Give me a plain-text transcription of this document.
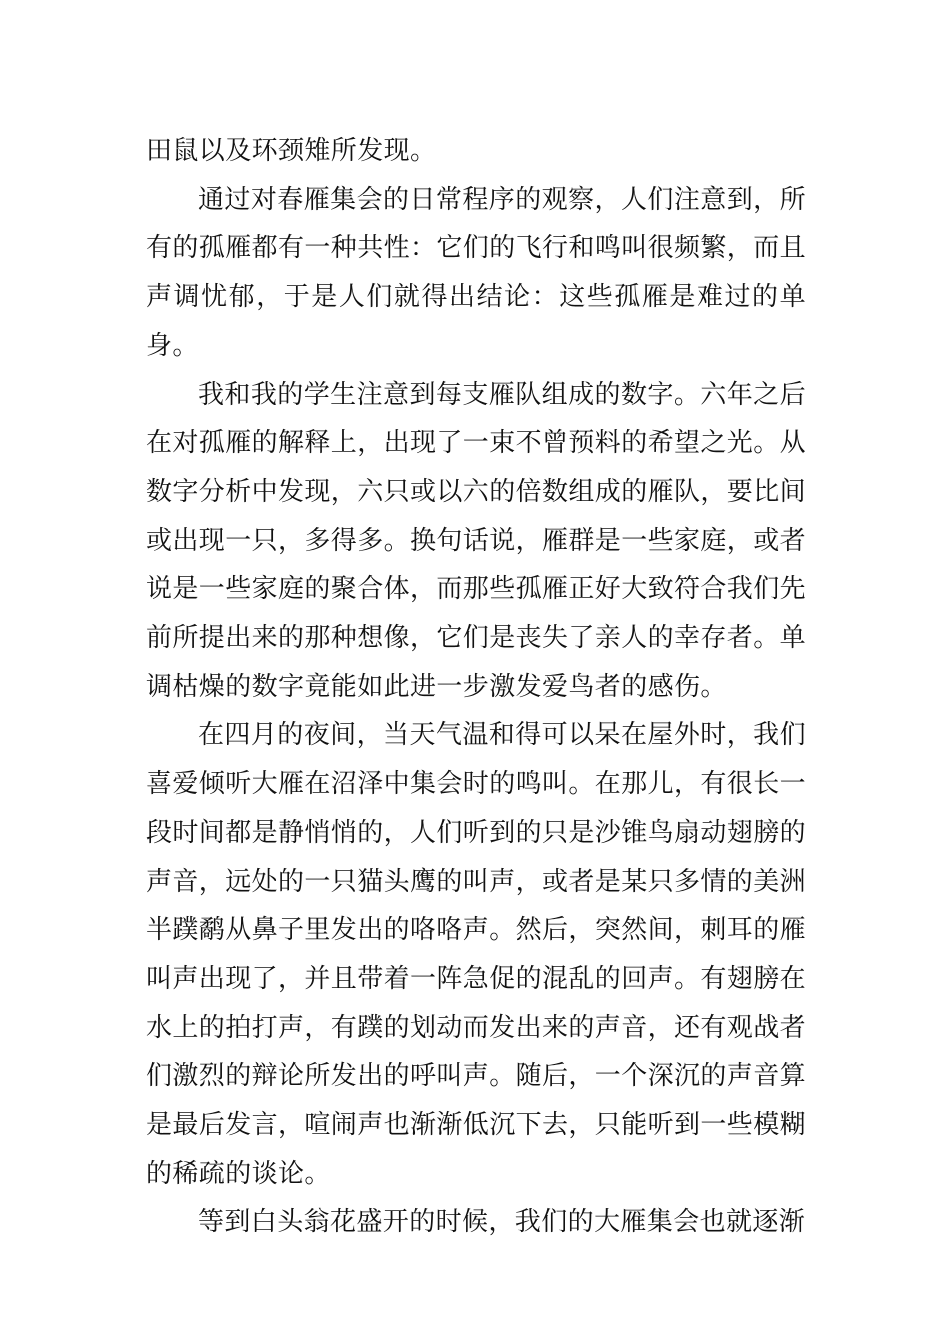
田鼠以及环颈雉所发现。

通过对春雁集会的日常程序的观察，人们注意到，所有的孤雁都有一种共性：它们的飞行和鸣叫很频繁，而且声调忧郁，于是人们就得出结论：这些孤雁是难过的单身。

我和我的学生注意到每支雁队组成的数字。六年之后在对孤雁的解释上，出现了一束不曾预料的希望之光。从数字分析中发现，六只或以六的倍数组成的雁队，要比间或出现一只，多得多。换句话说，雁群是一些家庭，或者说是一些家庭的聚合体，而那些孤雁正好大致符合我们先前所提出来的那种想像，它们是丧失了亲人的幸存者。单调枯燥的数字竟能如此进一步激发爱鸟者的感伤。

在四月的夜间，当天气温和得可以呆在屋外时，我们喜爱倾听大雁在沼泽中集会时的鸣叫。在那儿，有很长一段时间都是静悄悄的，人们听到的只是沙锥鸟扇动翅膀的声音，远处的一只猫头鹰的叫声，或者是某只多情的美洲半蹼鹬从鼻子里发出的咯咯声。然后，突然间，刺耳的雁叫声出现了，并且带着一阵急促的混乱的回声。有翅膀在水上的拍打声，有蹼的划动而发出来的声音，还有观战者们激烈的辩论所发出的呼叫声。随后，一个深沉的声音算是最后发言，喧闹声也渐渐低沉下去，只能听到一些模糊的稀疏的谈论。

等到白头翁花盛开的时候，我们的大雁集会也就逐渐
